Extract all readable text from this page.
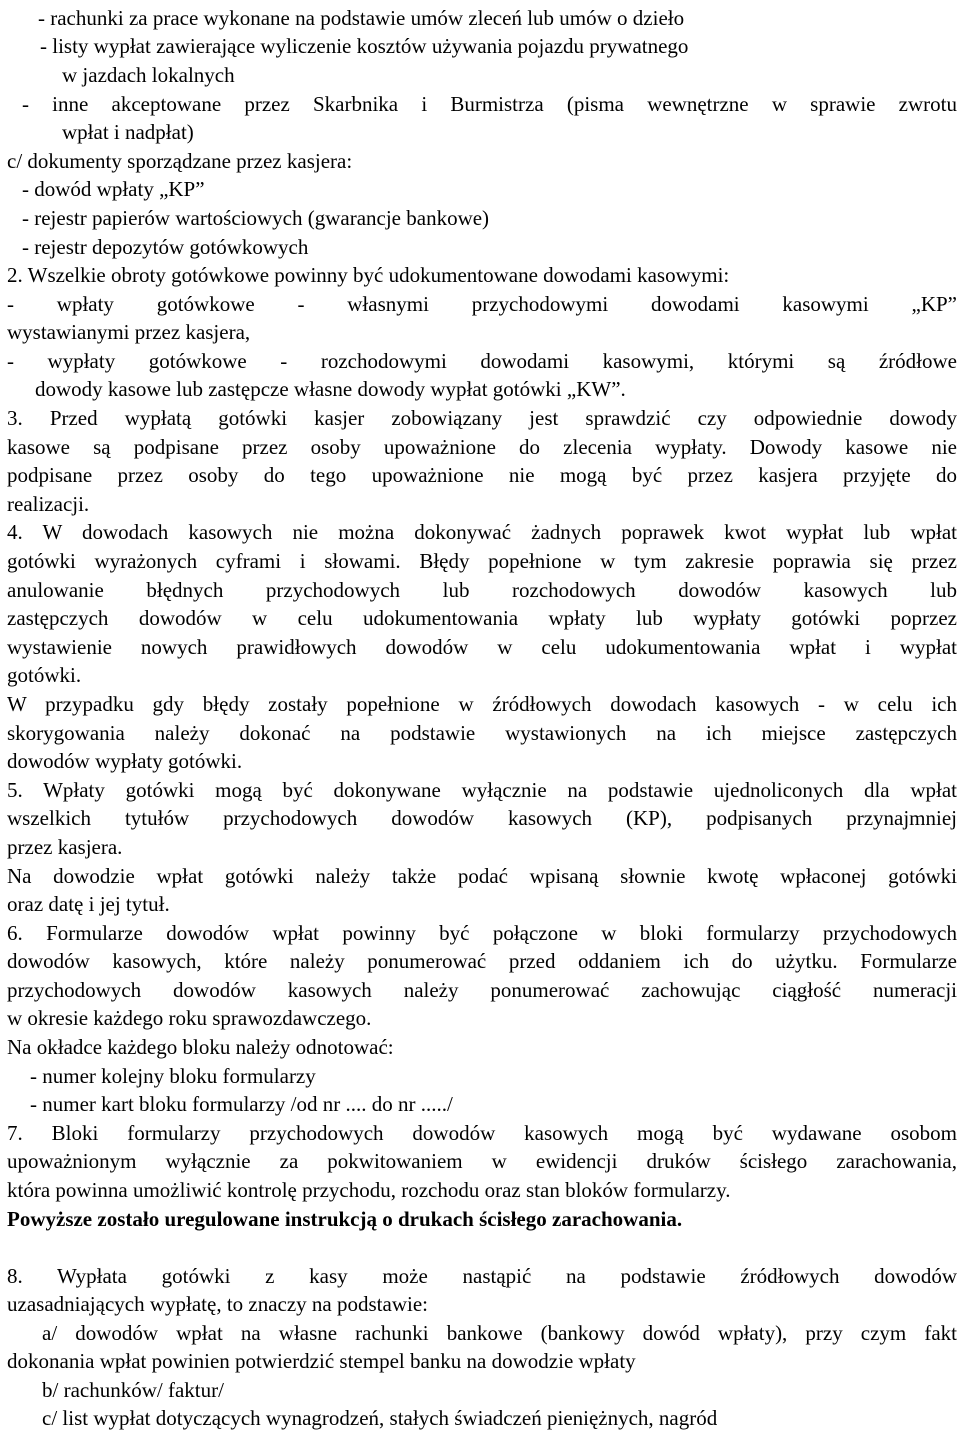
- rachunki za prace wykonane na podstawie umów zleceń lub umów o dzieło
- listy wypłat zawierające wyliczenie kosztów używania pojazdu prywatnego
w jazdach lokalnych
- inne akceptowane przez Skarbnika i Burmistrza (pisma wewnętrzne w sprawie zwrotu
wpłat i nadpłat)
c/ dokumenty sporządzane przez kasjera:
- dowód wpłaty „KP”
- rejestr papierów wartościowych (gwarancje bankowe)
- rejestr depozytów gotówkowych
2. Wszelkie obroty gotówkowe powinny być udokumentowane dowodami kasowymi:
- wpłaty gotówkowe - własnymi przychodowymi dowodami kasowymi „KP”
wystawianymi przez kasjera,
- wypłaty gotówkowe - rozchodowymi dowodami kasowymi, którymi są źródłowe
dowody kasowe lub zastępcze własne dowody wypłat gotówki „KW”.
3. Przed wypłatą gotówki kasjer zobowiązany jest sprawdzić czy odpowiednie dowody
kasowe są podpisane przez osoby upoważnione do zlecenia wypłaty. Dowody kasowe nie
podpisane przez osoby do tego upoważnione nie mogą być przez kasjera przyjęte do
realizacji.
4. W dowodach kasowych nie można dokonywać żadnych poprawek kwot wypłat lub wpłat
gotówki wyrażonych cyframi i słowami. Błędy popełnione w tym zakresie poprawia się przez
anulowanie błędnych przychodowych lub rozchodowych dowodów kasowych lub
zastępczych dowodów w celu udokumentowania wpłaty lub wypłaty gotówki poprzez
wystawienie nowych prawidłowych dowodów w celu udokumentowania wpłat i wypłat
gotówki.
W przypadku gdy błędy zostały popełnione w źródłowych dowodach kasowych - w celu ich
skorygowania należy dokonać na podstawie wystawionych na ich miejsce zastępczych
dowodów wypłaty gotówki.
5. Wpłaty gotówki mogą być dokonywane wyłącznie na podstawie ujednoliconych dla wpłat
wszelkich tytułów przychodowych dowodów kasowych (KP), podpisanych przynajmniej
przez kasjera.
Na dowodzie wpłat gotówki należy także podać wpisaną słownie kwotę wpłaconej gotówki
oraz datę i jej tytuł.
6. Formularze dowodów wpłat powinny być połączone w bloki formularzy przychodowych
dowodów kasowych, które należy ponumerować przed oddaniem ich do użytku. Formularze
przychodowych dowodów kasowych należy ponumerować zachowując ciągłość numeracji
w okresie każdego roku sprawozdawczego.
Na okładce każdego bloku należy odnotować:
- numer kolejny bloku formularzy
- numer kart bloku formularzy /od nr .... do nr ...../
7. Bloki formularzy przychodowych dowodów kasowych mogą być wydawane osobom
upoważnionym wyłącznie za pokwitowaniem w ewidencji druków ścisłego zarachowania,
która powinna umożliwić kontrolę przychodu, rozchodu oraz stan bloków formularzy.
Powyższe zostało uregulowane instrukcją o drukach ścisłego zarachowania.
8. Wypłata gotówki z kasy może nastąpić na podstawie źródłowych dowodów
uzasadniających wypłatę, to znaczy na podstawie:
a/ dowodów wpłat na własne rachunki bankowe (bankowy dowód wpłaty), przy czym fakt
dokonania wpłat powinien potwierdzić stempel banku na dowodzie wpłaty
b/ rachunków/ faktur/
c/ list wypłat dotyczących wynagrodzeń, stałych świadczeń pieniężnych, nagród
